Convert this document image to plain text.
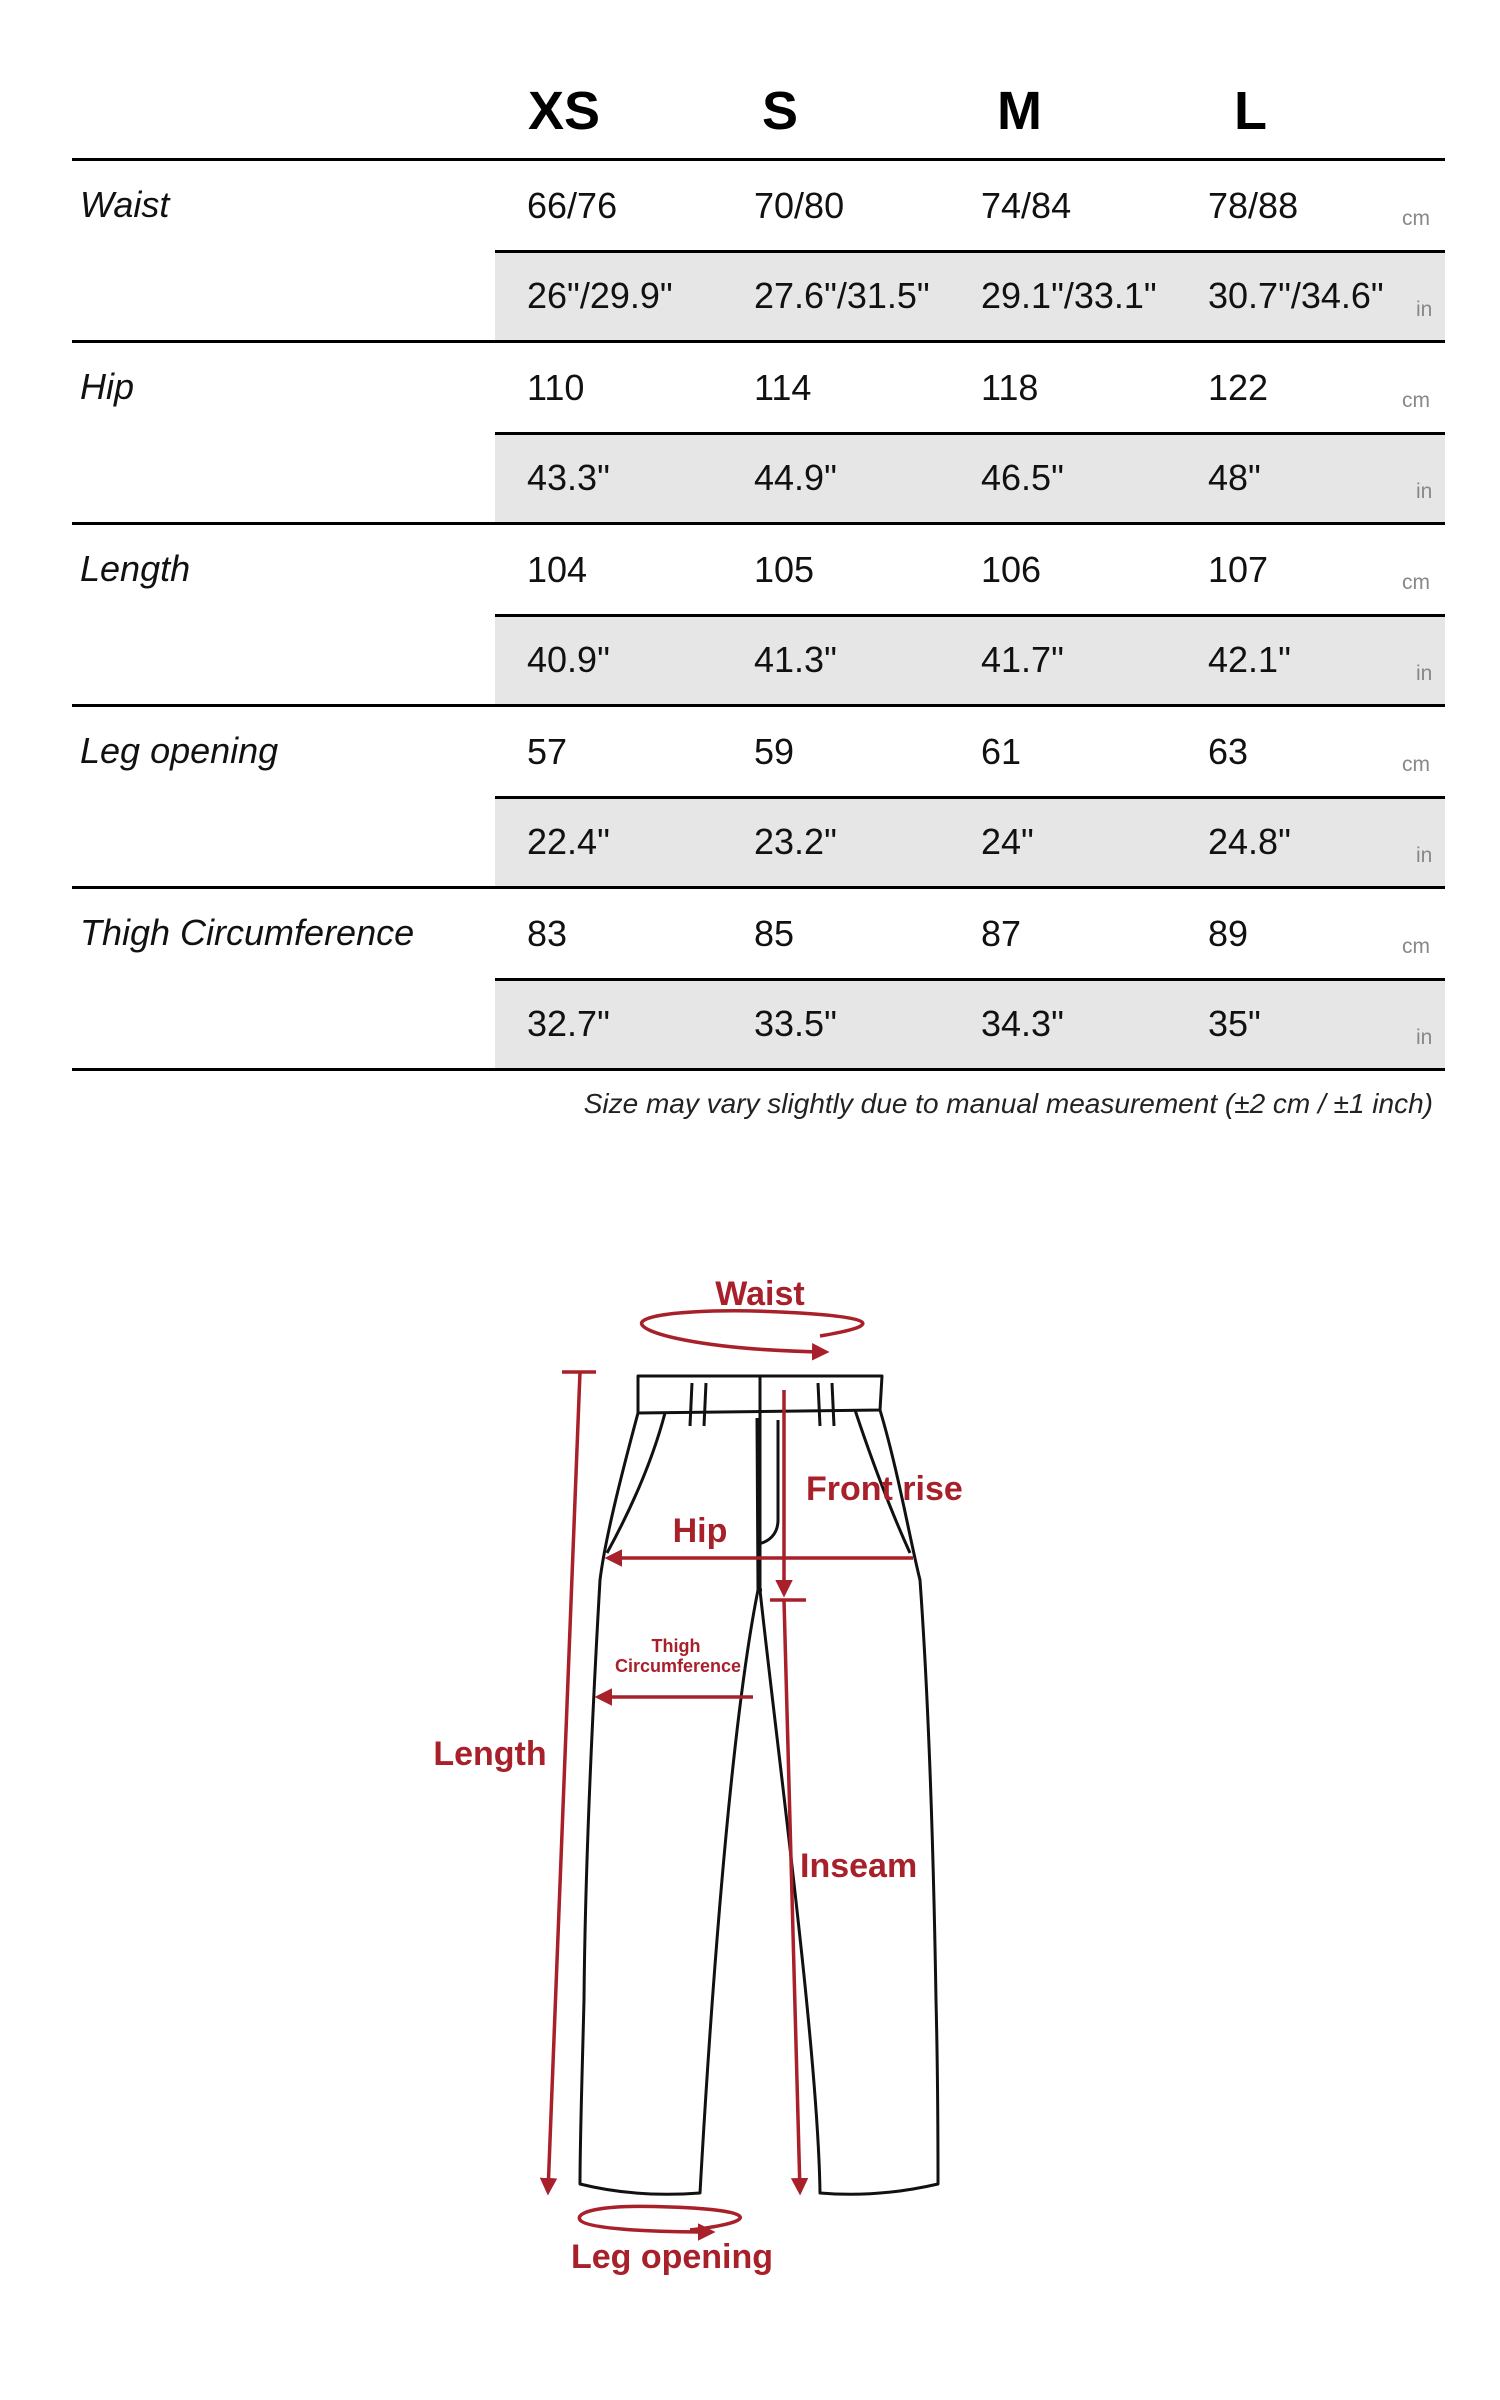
XS	S	M	L
Waist	66/76	70/80	74/84	78/88	cm
26"/29.9" 27.6"/31.5" 29.1"/33.1" 30.7"/34.6" in
Hip	110	114	118	122	cm
43.3"	44.9"	46.5"	48"	in
Length	104	105	106	107	cm
40.9"	41.3"	41.7"	42.1"	in
Leg opening	57	59	61	63	cm
22.4"	23.2"	24"	24.8"	in
Thigh Circumference	83	85	87	89	cm
32.7"	33.5"	34.3"	35"	in
Size may vary slightly due to manual measurement (±2 cm / ±1 inch)
Waist
Front rise
Hip
Thigh
Circumference
Length
Inseam
Leg opening
